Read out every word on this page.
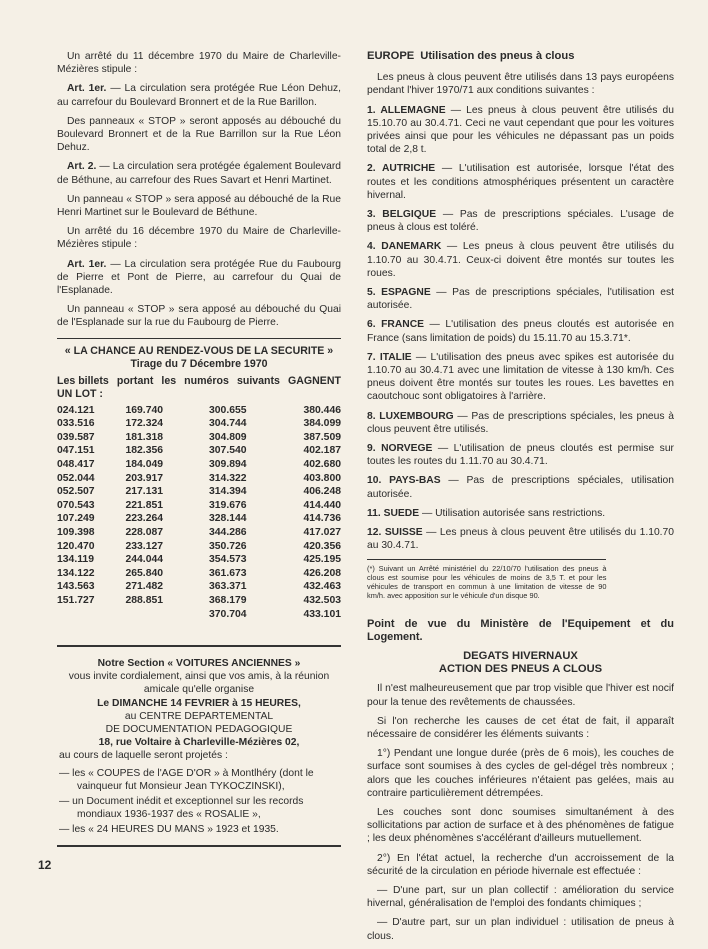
Un arrêté du 11 décembre 1970 du Maire de Charleville-Mézières stipule :

Art. 1er. — La circulation sera protégée Rue Léon Dehuz, au carrefour du Boulevard Bronnert et de la Rue Barillon.

Des panneaux « STOP » seront apposés au débouché du Boulevard Bronnert et de la Rue Barrillon sur la Rue Léon Dehuz.

Art. 2. — La circulation sera protégée également Boulevard de Béthune, au carrefour des Rues Savart et Henri Martinet.

Un panneau « STOP » sera apposé au débouché de la Rue Henri Martinet sur le Boulevard de Béthune.

Un arrêté du 16 décembre 1970 du Maire de Charleville-Mézières stipule :

Art. 1er. — La circulation sera protégée Rue du Faubourg de Pierre et Pont de Pierre, au carrefour du Quai de l'Esplanade.

Un panneau « STOP » sera apposé au débouché du Quai de l'Esplanade sur la rue du Faubourg de Pierre.

« LA CHANCE AU RENDEZ-VOUS DE LA SECURITE »

Tirage du 7 Décembre 1970

Les billets portant les numéros suivants GAGNENT
UN LOT :
024.121	169.740	300.655	380.446
033.516	172.324	304.744	384.099
039.587	181.318	304.809	387.509
047.151	182.356	307.540	402.187
048.417	184.049	309.894	402.680
052.044	203.917	314.322	403.800
052.507	217.131	314.394	406.248
070.543	221.851	319.676	414.440
107.249	223.264	328.144	414.736
109.398	228.087	344.286	417.027
120.470	233.127	350.726	420.356
134.119	244.044	354.573	425.195
134.122	265.840	361.673	426.208
143.563	271.482	363.371	432.463
151.727	288.851	368.179	432.503
		370.704	433.101

Notre Section « VOITURES ANCIENNES »

vous invite cordialement, ainsi que vos amis, à la réunion amicale qu'elle organise

Le DIMANCHE 14 FEVRIER à 15 HEURES,

au CENTRE DEPARTEMENTAL

DE DOCUMENTATION PEDAGOGIQUE

18, rue Voltaire à Charleville-Mézières 02,

au cours de laquelle seront projetés :

— les « COUPES de l'AGE D'OR » à Montlhéry (dont le vainqueur fut Monsieur Jean TYKOCZINSKI),
— un Document inédit et exceptionnel sur les records mondiaux 1936-1937 des « ROSALIE »,
— les « 24 HEURES DU MANS » 1923 et 1935.

EUROPE Utilisation des pneus à clous

Les pneus à clous peuvent être utilisés dans 13 pays européens pendant l'hiver 1970/71 aux conditions suivantes :

1. ALLEMAGNE — Les pneus à clous peuvent être utilisés du 15.10.70 au 30.4.71. Ceci ne vaut cependant que pour les voitures privées ainsi que pour les véhicules ne dépassant pas un poids total de 2,8 t.

2. AUTRICHE — L'utilisation est autorisée, lorsque l'état des routes et les conditions atmosphériques présentent un caractère hivernal.

3. BELGIQUE — Pas de prescriptions spéciales. L'usage de pneus à clous est toléré.

4. DANEMARK — Les pneus à clous peuvent être utilisés du 1.10.70 au 30.4.71. Ceux-ci doivent être montés sur toutes les roues.

5. ESPAGNE — Pas de prescriptions spéciales, l'utilisation est autorisée.

6. FRANCE — L'utilisation des pneus cloutés est autorisée en France (sans limitation de poids) du 15.11.70 au 15.3.71*.

7. ITALIE — L'utilisation des pneus avec spikes est autorisée du 1.10.70 au 30.4.71 avec une limitation de vitesse à 130 km/h. Ces pneus doivent être montés sur toutes les roues. Les bavettes en caoutchouc sont obligatoires à l'arrière.

8. LUXEMBOURG — Pas de prescriptions spéciales, les pneus à clous peuvent être utilisés.

9. NORVEGE — L'utilisation de pneus cloutés est permise sur toutes les routes du 1.11.70 au 30.4.71.

10. PAYS-BAS — Pas de prescriptions spéciales, utilisation autorisée.

11. SUEDE — Utilisation autorisée sans restrictions.

12. SUISSE — Les pneus à clous peuvent être utilisés du 1.10.70 au 30.4.71.

(*) Suivant un Arrêté ministériel du 22/10/70 l'utilisation des pneus à clous est soumise pour les véhicules de moins de 3,5 T. et pour les véhicules de transport en commun à une limitation de vitesse de 90 km/h. avec apposition sur le véhicule d'un disque 90.

Point de vue du Ministère de l'Equipement et du Logement.

DEGATS HIVERNAUX

ACTION DES PNEUS A CLOUS

Il n'est malheureusement que par trop visible que l'hiver est nocif pour la tenue des revêtements de chaussées.

Si l'on recherche les causes de cet état de fait, il apparaît nécessaire de considérer les éléments suivants :

1°) Pendant une longue durée (près de 6 mois), les couches de surface sont soumises à des cycles de gel-dégel très nombreux ; alors que les couches inférieures n'étaient pas gelées, mais au contraire particulièrement détrempées.

Les couches sont donc soumises simultanément à des sollicitations par action de surface et à des phénomènes de fatigue ; les deux phénomènes s'accélérant d'ailleurs mutuellement.

2°) En l'état actuel, la recherche d'un accroissement de la sécurité de la circulation en période hivernale est effectuée :

— D'une part, sur un plan collectif : amélioration du service hivernal, généralisation de l'emploi des fondants chimiques ;

— D'autre part, sur un plan individuel : utilisation de pneus à clous.

12
